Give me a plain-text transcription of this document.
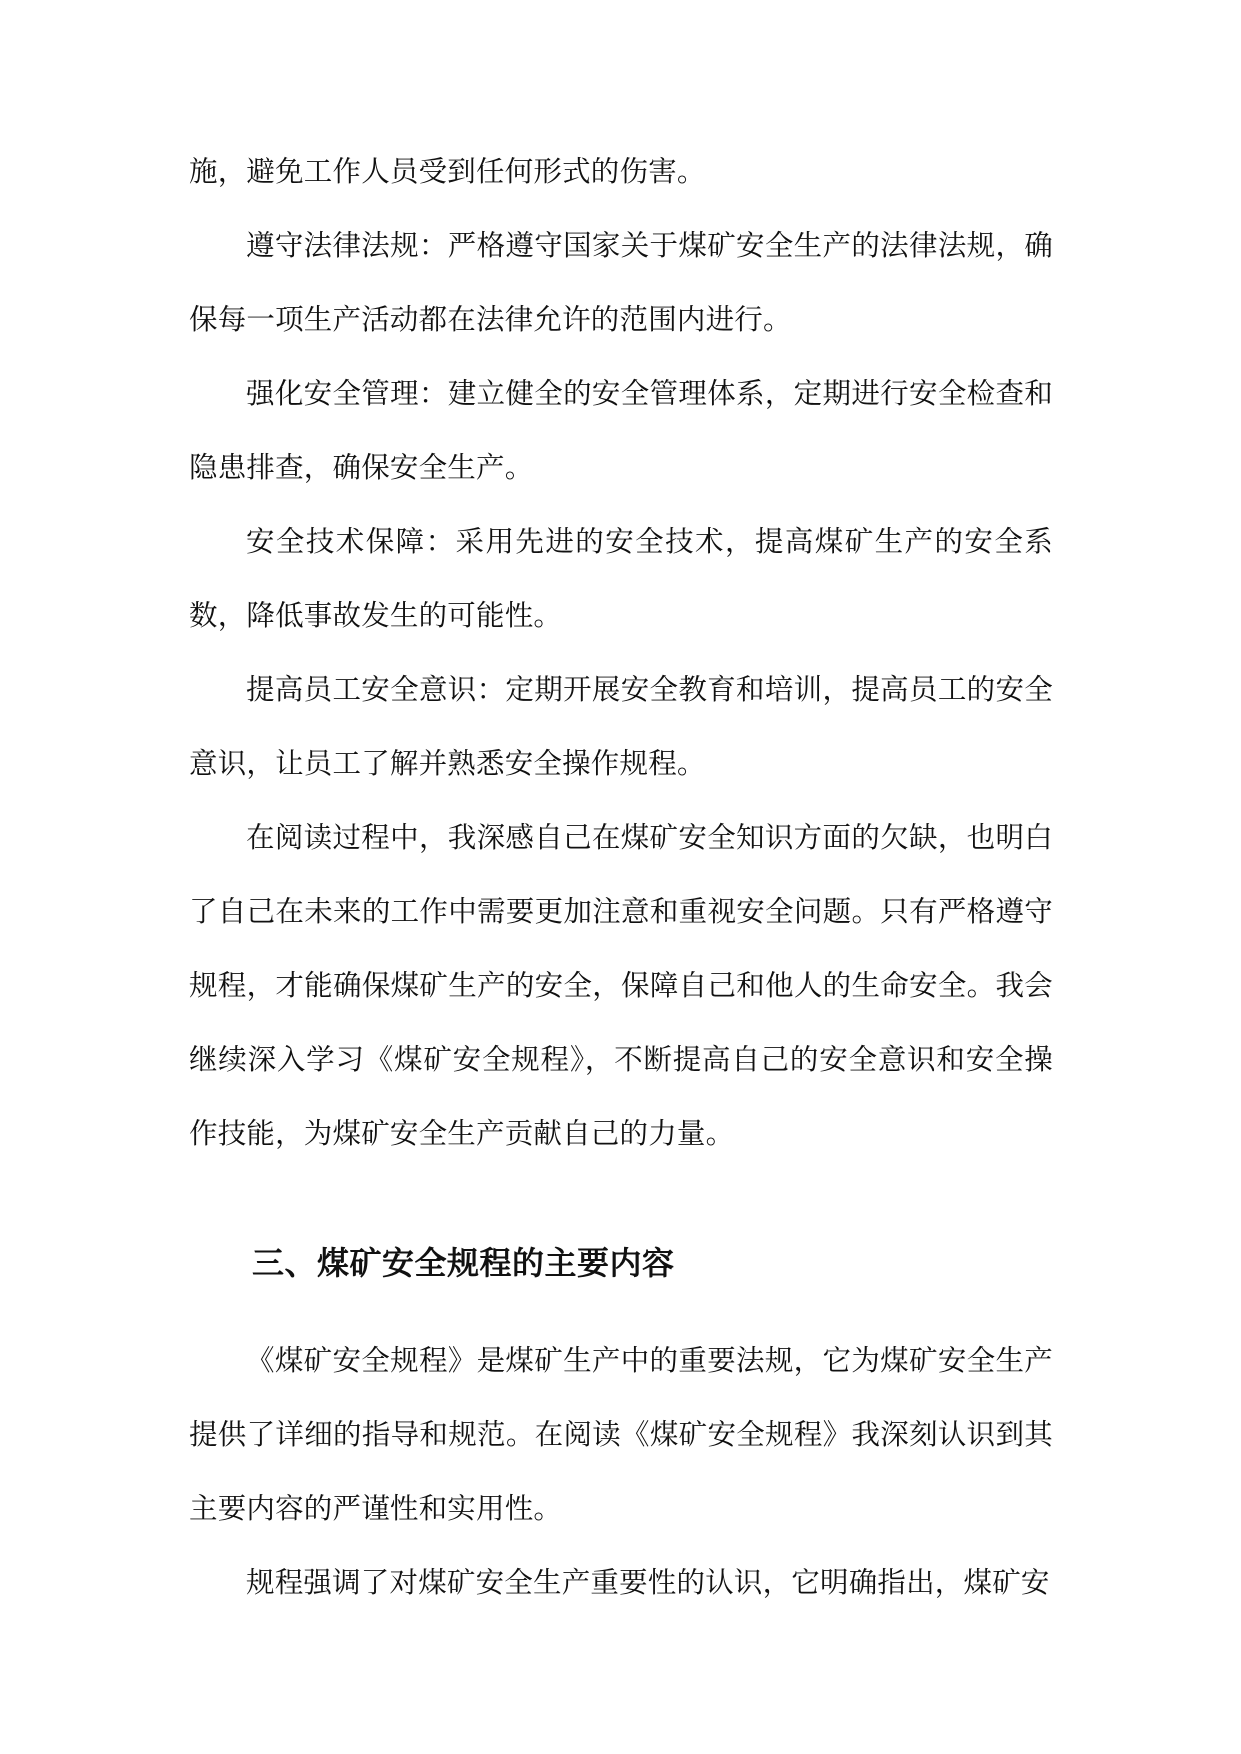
施，避免工作人员受到任何形式的伤害。

遵守法律法规：严格遵守国家关于煤矿安全生产的法律法规，确保每一项生产活动都在法律允许的范围内进行。

强化安全管理：建立健全的安全管理体系，定期进行安全检查和隐患排查，确保安全生产。

安全技术保障：采用先进的安全技术，提高煤矿生产的安全系数，降低事故发生的可能性。

提高员工安全意识：定期开展安全教育和培训，提高员工的安全意识，让员工了解并熟悉安全操作规程。

在阅读过程中，我深感自己在煤矿安全知识方面的欠缺，也明白了自己在未来的工作中需要更加注意和重视安全问题。只有严格遵守规程，才能确保煤矿生产的安全，保障自己和他人的生命安全。我会继续深入学习《煤矿安全规程》，不断提高自己的安全意识和安全操作技能，为煤矿安全生产贡献自己的力量。

三、煤矿安全规程的主要内容

《煤矿安全规程》是煤矿生产中的重要法规，它为煤矿安全生产提供了详细的指导和规范。在阅读《煤矿安全规程》我深刻认识到其主要内容的严谨性和实用性。

规程强调了对煤矿安全生产重要性的认识，它明确指出，煤矿安
